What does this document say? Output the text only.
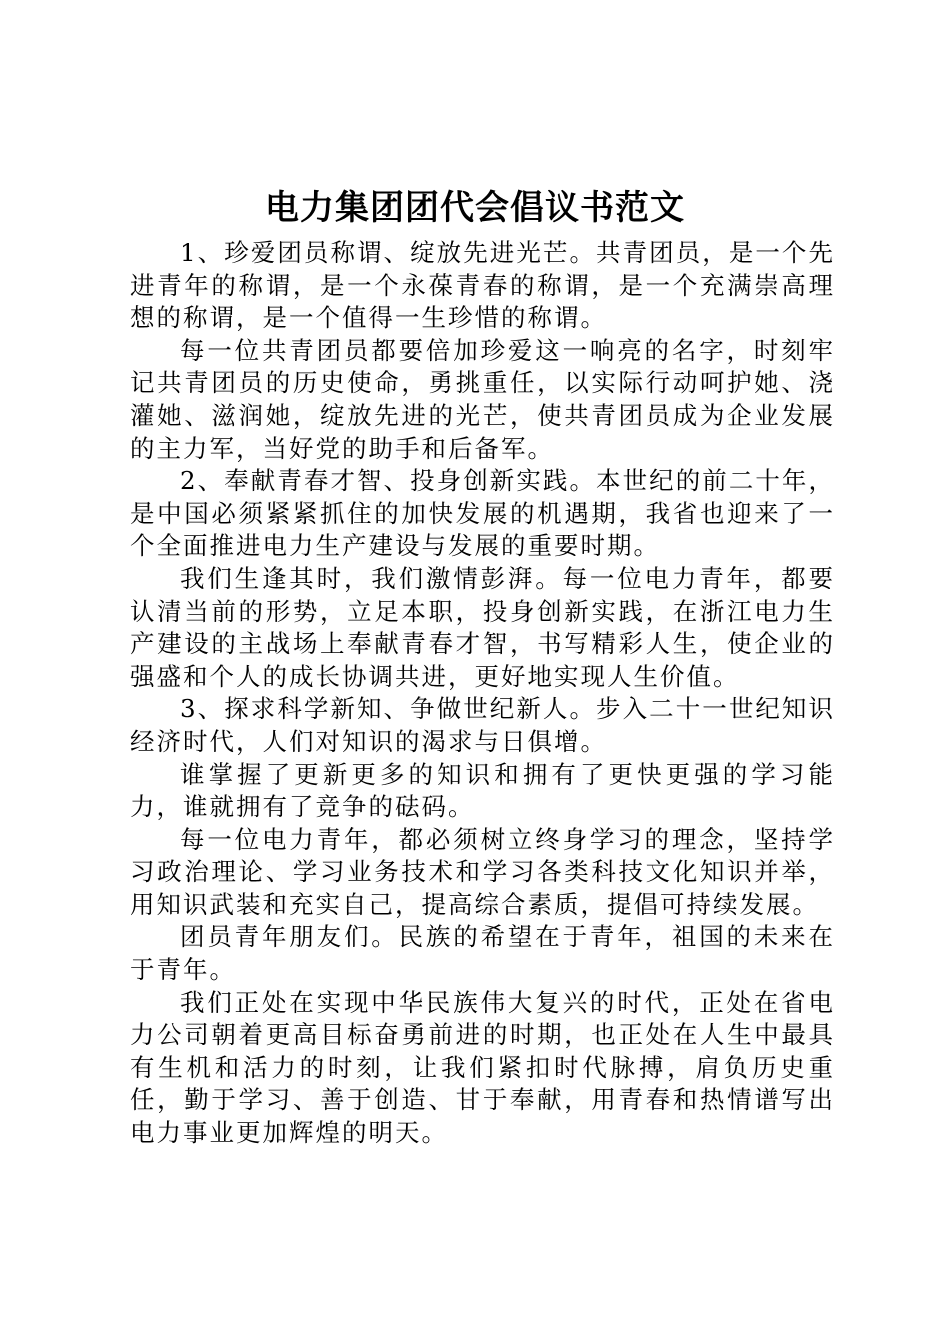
电力集团团代会倡议书范文

1、珍爱团员称谓、绽放先进光芒。共青团员，是一个先进青年的称谓，是一个永葆青春的称谓，是一个充满崇高理想的称谓，是一个值得一生珍惜的称谓。

每一位共青团员都要倍加珍爱这一响亮的名字，时刻牢记共青团员的历史使命，勇挑重任，以实际行动呵护她、浇灌她、滋润她，绽放先进的光芒，使共青团员成为企业发展的主力军，当好党的助手和后备军。

2、奉献青春才智、投身创新实践。本世纪的前二十年，是中国必须紧紧抓住的加快发展的机遇期，我省也迎来了一个全面推进电力生产建设与发展的重要时期。

我们生逢其时，我们激情彭湃。每一位电力青年，都要认清当前的形势，立足本职，投身创新实践，在浙江电力生产建设的主战场上奉献青春才智，书写精彩人生，使企业的强盛和个人的成长协调共进，更好地实现人生价值。

3、探求科学新知、争做世纪新人。步入二十一世纪知识经济时代，人们对知识的渴求与日俱增。

谁掌握了更新更多的知识和拥有了更快更强的学习能力，谁就拥有了竞争的砝码。

每一位电力青年，都必须树立终身学习的理念，坚持学习政治理论、学习业务技术和学习各类科技文化知识并举，用知识武装和充实自己，提高综合素质，提倡可持续发展。

团员青年朋友们。民族的希望在于青年，祖国的未来在于青年。

我们正处在实现中华民族伟大复兴的时代，正处在省电力公司朝着更高目标奋勇前进的时期，也正处在人生中最具有生机和活力的时刻，让我们紧扣时代脉搏，肩负历史重任，勤于学习、善于创造、甘于奉献，用青春和热情谱写出电力事业更加辉煌的明天。
